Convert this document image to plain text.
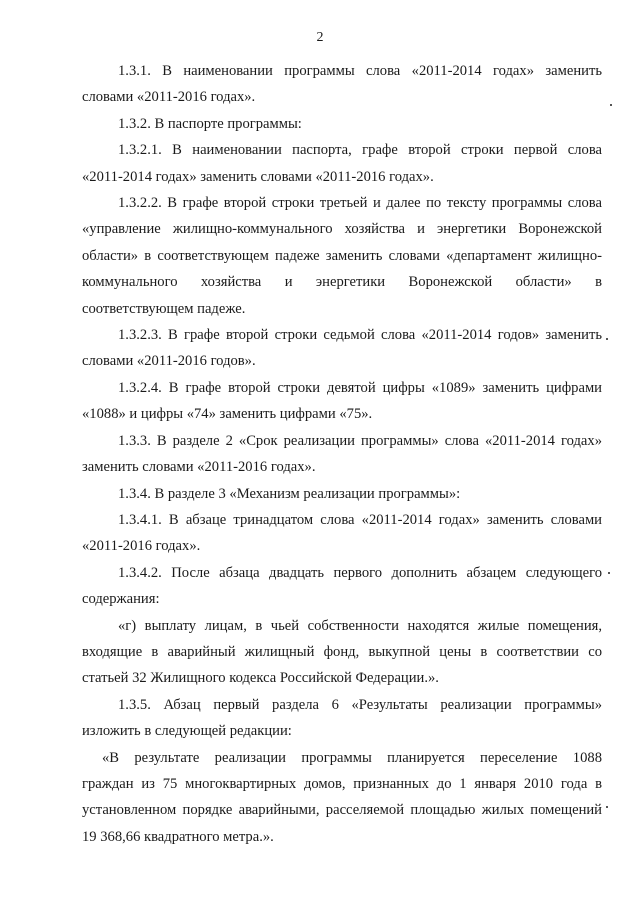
2

1.3.1. В наименовании программы слова «2011-2014 годах» заменить
словами «2011-2016 годах».

1.3.2. В паспорте программы:

1.3.2.1. В наименовании паспорта, графе второй строки первой слова
«2011-2014 годах» заменить словами «2011-2016 годах».

1.3.2.2. В графе второй строки третьей и далее по тексту программы слова
«управление жилищно-коммунального хозяйства и энергетики Воронежской
области» в соответствующем падеже заменить словами «департамент жилищно-
коммунального хозяйства и энергетики Воронежской области» в
соответствующем падеже.

1.3.2.3. В графе второй строки седьмой слова «2011-2014 годов» заменить
словами «2011-2016 годов».

1.3.2.4. В графе второй строки девятой цифры «1089» заменить цифрами
«1088» и цифры «74» заменить цифрами «75».

1.3.3. В разделе 2 «Срок реализации программы» слова «2011-2014 годах»
заменить словами «2011-2016 годах».

1.3.4. В разделе 3 «Механизм реализации программы»:

1.3.4.1. В абзаце тринадцатом слова «2011-2014 годах» заменить словами
«2011-2016 годах».

1.3.4.2. После абзаца двадцать первого дополнить абзацем следующего
содержания:

«г) выплату лицам, в чьей собственности находятся жилые помещения,
входящие в аварийный жилищный фонд, выкупной цены в соответствии со
статьей 32 Жилищного кодекса Российской Федерации.».

1.3.5. Абзац первый раздела 6 «Результаты реализации программы»
изложить в следующей редакции:

«В результате реализации программы планируется переселение 1088
граждан из 75 многоквартирных домов, признанных до 1 января 2010 года в
установленном порядке аварийными, расселяемой площадью жилых помещений
19 368,66 квадратного метра.».
